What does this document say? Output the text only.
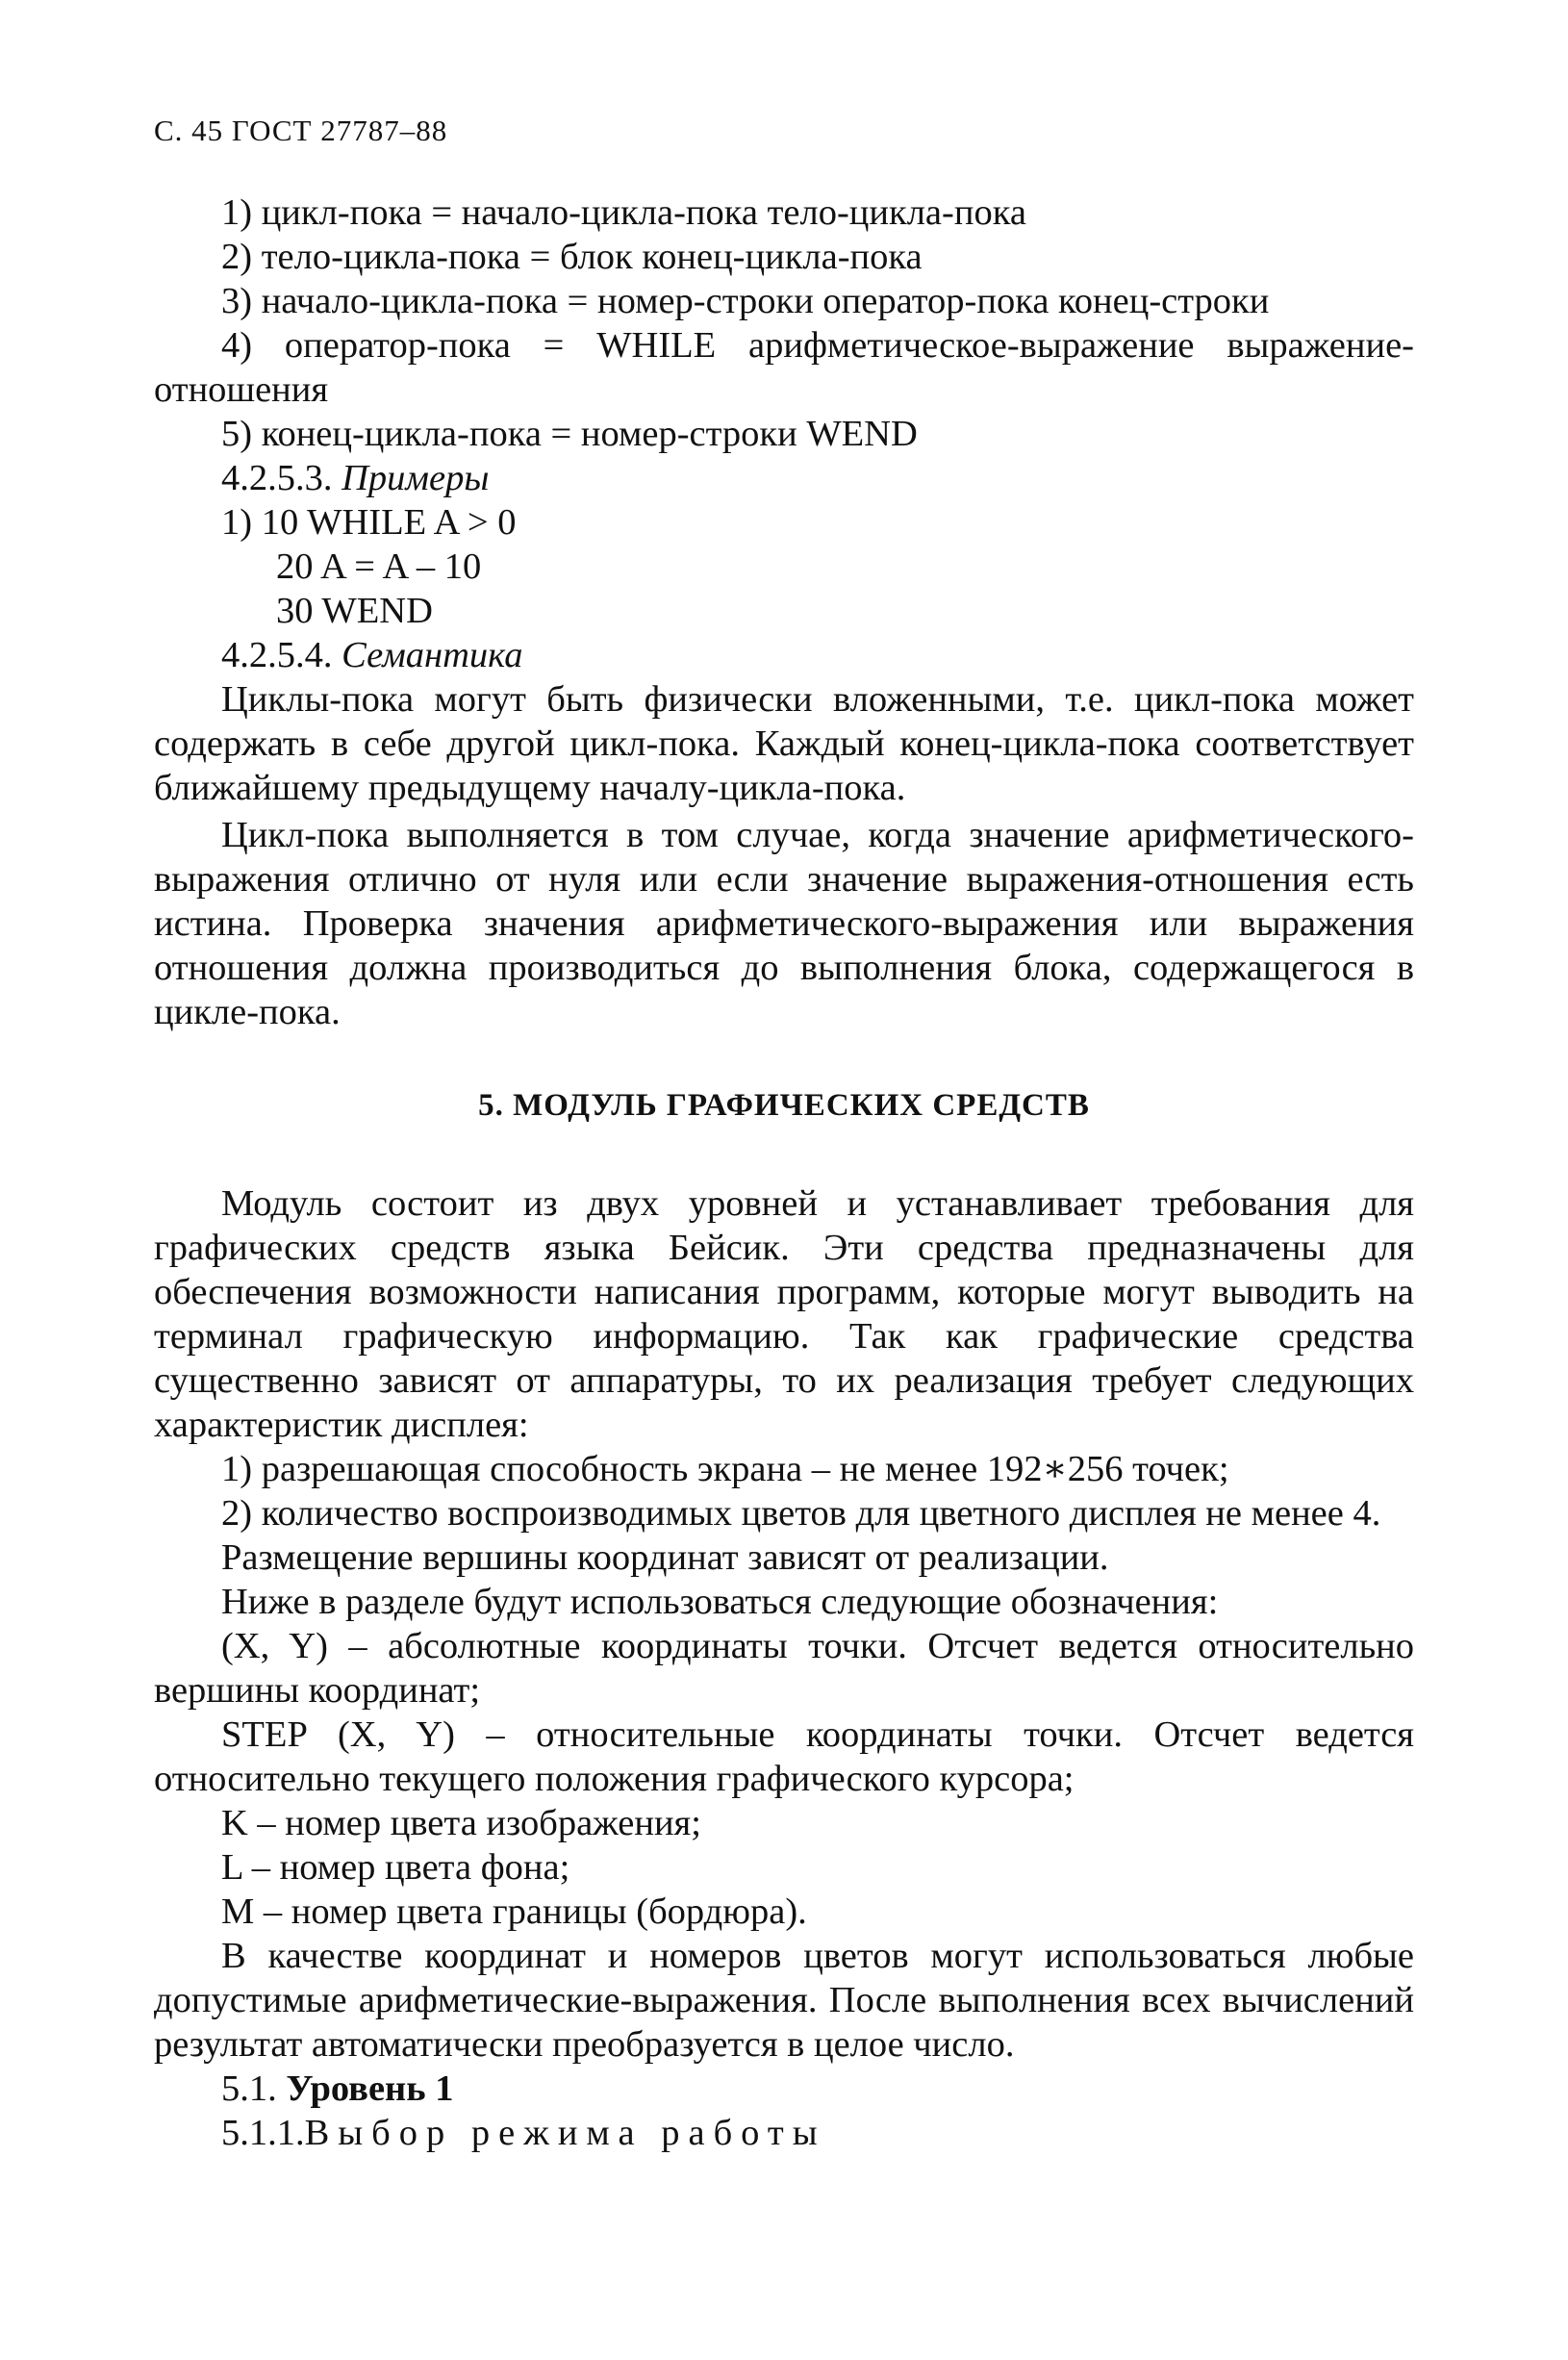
С. 45 ГОСТ 27787–88

1) цикл-пока = начало-цикла-пока тело-цикла-пока

2) тело-цикла-пока = блок конец-цикла-пока

3) начало-цикла-пока = номер-строки оператор-пока конец-строки

4) оператор-пока = WHILE арифметическое-выражение выражение-отношения

5) конец-цикла-пока = номер-строки WEND

4.2.5.3. Примеры

1) 10 WHILE A > 0

20 A = A – 10

30 WEND

4.2.5.4. Семантика

Циклы-пока могут быть физически вложенными, т.е. цикл-пока может содержать в себе другой цикл-пока. Каждый конец-цикла-пока соответствует ближайшему предыдущему началу-цикла-пока.

Цикл-пока выполняется в том случае, когда значение арифметического-выражения отлично от нуля или если значение выражения-отношения есть истина. Проверка значения арифметического-выражения или выражения отношения должна производиться до выполнения блока, содержащегося в цикле-пока.

5. МОДУЛЬ ГРАФИЧЕСКИХ СРЕДСТВ

Модуль состоит из двух уровней и устанавливает требования для графических средств языка Бейсик. Эти средства предназначены для обеспечения возможности написания программ, которые могут выводить на терминал графическую информацию. Так как графические средства существенно зависят от аппаратуры, то их реализация требует следующих характеристик дисплея:

1) разрешающая способность экрана – не менее 192∗256 точек;

2) количество воспроизводимых цветов для цветного дисплея не менее 4.

Размещение вершины координат зависят от реализации.

Ниже в разделе будут использоваться следующие обозначения:

(X, Y) – абсолютные координаты точки. Отсчет ведется относительно вершины координат;

STEP (X, Y) – относительные координаты точки. Отсчет ведется относительно текущего положения графического курсора;

K – номер цвета изображения;

L – номер цвета фона;

M – номер цвета границы (бордюра).

В качестве координат и номеров цветов могут использоваться любые допустимые арифметические-выражения. После выполнения всех вычислений результат автоматически преобразуется в целое число.

5.1. Уровень 1

5.1.1.Выбор режима работы
